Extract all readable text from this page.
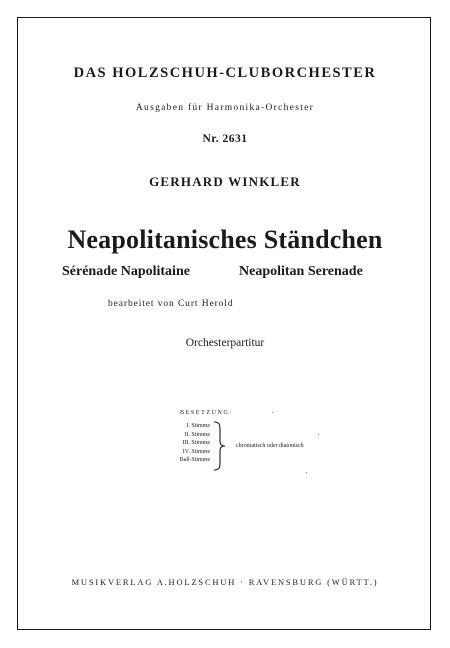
DAS HOLZSCHUH-CLUBORCHESTER
Ausgaben für Harmonika-Orchester
Nr. 2631
GERHARD WINKLER
Neapolitanisches Ständchen
Sérénade Napolitaine	Neapolitan Serenade
bearbeitet von Curt Herold
Orchesterpartitur
BESETZUNG:
I. Stimme
II. Stimme
III. Stimme
IV. Stimme
Baß-Stimme
chromatisch oder diatonisch
MUSIKVERLAG A.HOLZSCHUH · RAVENSBURG (WÜRTT.)
